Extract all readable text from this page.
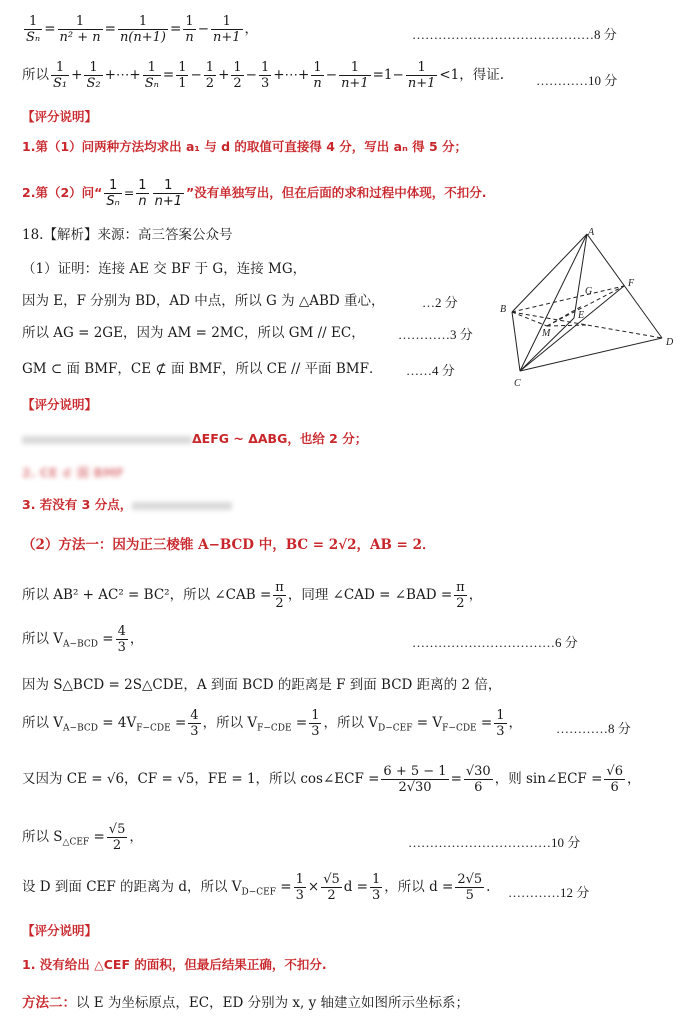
$\frac{1}{\text{Sₙ}} = \frac{1}{\text{n² + n}} = \frac{1}{n(n+1)} = \frac{1}{n} - \frac{1}{n+1}$ ，	……………………………………8 分
所以 $\frac{1}{\text{S₁}} + \frac{1}{\text{S₂}}$ +⋯+ $\frac{1}{\text{Sₙ}} = \frac{1}{1} - \frac{1}{2} + \frac{1}{2} - \frac{1}{3}$ +⋯+ $\frac{1}{n} - \frac{1}{n+1} =1- \frac{1}{n+1} <1$，得证. …………10 分
【评分说明】
1.第（1）问两种方法均求出 a₁ 与 d 的取值可直接得 4 分，写出 aₙ 得 5 分；
2.第（2）问“ $\frac{1}{\text{Sₙ}} = \frac{1}{n} \frac{1}{n+1}$ ”没有单独写出，但在后面的求和过程中体现，不扣分.
18.【解析】来源：高三答案公众号
（1）证明：连接 AE 交 BF 于 G，连接 MG，
因为 E，F 分别为 BD，AD 中点，所以 G 为 △ABD 重心，	…2 分
所以 AG = 2GE，因为 AM = 2MC，所以 GM // EC，	…………3 分
GM ⊂ 面 BMF，CE ⊄ 面 BMF，所以 CE // 平面 BMF． ……4 分
A
B
C
D
E
F
G
M
【评分说明】
ΔEFG ~ ΔABG，也给 2 分；
2. CE ⊄ 面 BMF
3. 若没有 3 分点，
（2）方法一：因为正三棱锥 A−BCD 中，BC = 2√2，AB = 2．
所以 AB² + AC² = BC²，所以 ∠CAB = $\frac{\pi}{2}$ ，同理 ∠CAD = ∠BAD = $\frac{\pi}{2}$ ，
所以 $V_{A-BCD} = \frac{4}{3}$ ，	……………………………6 分
因为 S△BCD = 2S△CDE，A 到面 BCD 的距离是 F 到面 BCD 距离的 2 倍，
所以 $V_{A-BCD} = 4V_{F-CDE} = \frac{4}{3}$ ，所以 $V_{F-CDE} = \frac{1}{3}$ ，所以 $V_{D-CEF} = V_{F-CDE} = \frac{1}{3}$ ，	…………8 分
又因为 CE = √6，CF = √5，FE = 1，所以 cos∠ECF = $\frac{6 + 5 - 1}{2√30} = \frac{√30}{6}$ ，则 sin∠ECF = $\frac{√6}{6}$ ，
所以 $S_{\triangle CEF} = \frac{√5}{2}$ ，	……………………………10 分
设 D 到面 CEF 的距离为 d，所以 $V_{D-CEF} = \frac{1}{3} \times \frac{√5}{2}$ $d = \frac{1}{3}$ ，所以 $d = \frac{2√5}{5}$ . …………12 分
【评分说明】
1. 没有给出 △CEF 的面积，但最后结果正确，不扣分.
方法二：以 E 为坐标原点，EC，ED 分别为 x, y 轴建立如图所示坐标系；
